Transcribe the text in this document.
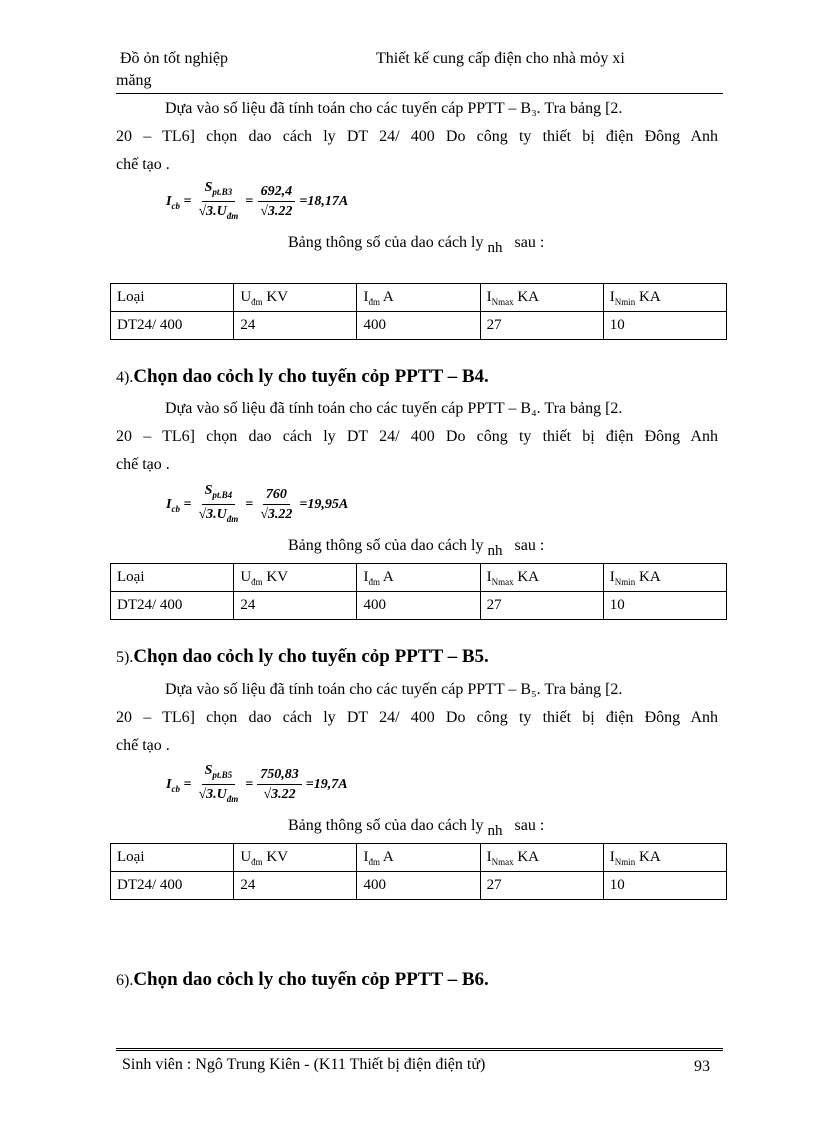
Đồ ỏn tốt nghiệp	Thiết kế cung cấp điện cho nhà mỏy xi
măng
Dựa vào số liệu đã tính toán cho các tuyến cáp PPTT – B₃. Tra bảng [2.
20 – TL6] chọn dao cách ly DT 24/ 400 Do công ty thiết bị điện Đông Anh
chế tạo .
$I_{cb} = \frac{S_{pt.B3}}{√3.U_{đm}} = \frac{692,4}{√3.22} =18,17A$
Bảng thông số của dao cách ly nh sau :
Loại	$U_{đm}$ KV	$I_{đm}$ A	$I_{Nmax}$ KA	$I_{Nmin}$ KA
DT24/ 400	24	400	27	10
4).Chọn dao cỏch ly cho tuyến cỏp PPTT – B4.
Dựa vào số liệu đã tính toán cho các tuyến cáp PPTT – B₄. Tra bảng [2.
20 – TL6] chọn dao cách ly DT 24/ 400 Do công ty thiết bị điện Đông Anh
chế tạo .
$I_{cb} = \frac{S_{pt.B4}}{√3.U_{đm}} = \frac{760}{√3.22} =19,95A$
Bảng thông số của dao cách ly nh sau :
Loại	$U_{đm}$ KV	$I_{đm}$ A	$I_{Nmax}$ KA	$I_{Nmin}$ KA
DT24/ 400	24	400	27	10
5).Chọn dao cỏch ly cho tuyến cỏp PPTT – B5.
Dựa vào số liệu đã tính toán cho các tuyến cáp PPTT – B₅. Tra bảng [2.
20 – TL6] chọn dao cách ly DT 24/ 400 Do công ty thiết bị điện Đông Anh
chế tạo .
$I_{cb} = \frac{S_{pt.B5}}{√3.U_{đm}} = \frac{750,83}{√3.22} =19,7A$
Bảng thông số của dao cách ly nh sau :
Loại	$U_{đm}$ KV	$I_{đm}$ A	$I_{Nmax}$ KA	$I_{Nmin}$ KA
DT24/ 400	24	400	27	10
6).Chọn dao cỏch ly cho tuyến cỏp PPTT – B6.
Sinh viên : Ngô Trung Kiên - (K11 Thiết bị điện điện tử)	93
